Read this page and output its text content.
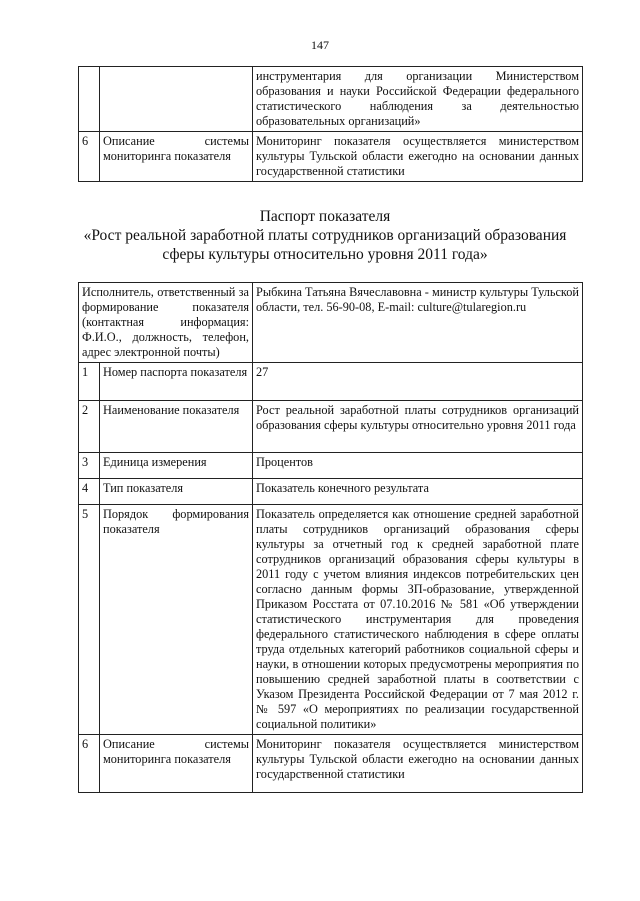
147
		инструментария для организации Министерством образования и науки Российской Федерации федерального статистического наблюдения за деятельностью образовательных организаций»
6	Описание системы мониторинга показателя	Мониторинг показателя осуществляется министерством культуры Тульской области ежегодно на основании данных государственной статистики
Паспорт показателя
«Рост реальной заработной платы сотрудников организаций образования
сферы культуры относительно уровня 2011 года»
Исполнитель, ответственный за формирование показателя (контактная информация: Ф.И.О., должность, телефон, адрес электронной почты)		Рыбкина Татьяна Вячеславовна - министр культуры Тульской области, тел. 56-90-08, E-mail: culture@tularegion.ru
1	Номер паспорта показателя	27
2	Наименование показателя	Рост реальной заработной платы сотрудников организаций образования сферы культуры относительно уровня 2011 года
3	Единица измерения	Процентов
4	Тип показателя	Показатель конечного результата
5	Порядок формирования показателя	Показатель определяется как отношение средней заработной платы сотрудников организаций образования сферы культуры за отчетный год к средней заработной плате сотрудников организаций образования сферы культуры в 2011 году с учетом влияния индексов потребительских цен согласно данным формы ЗП-образование, утвержденной Приказом Росстата от 07.10.2016 № 581 «Об утверждении статистического инструментария для проведения федерального статистического наблюдения в сфере оплаты труда отдельных категорий работников социальной сферы и науки, в отношении которых предусмотрены мероприятия по повышению средней заработной платы в соответствии с Указом Президента Российской Федерации от 7 мая 2012 г. № 597 «О мероприятиях по реализации государственной социальной политики»
6	Описание системы мониторинга показателя	Мониторинг показателя осуществляется министерством культуры Тульской области ежегодно на основании данных государственной статистики
